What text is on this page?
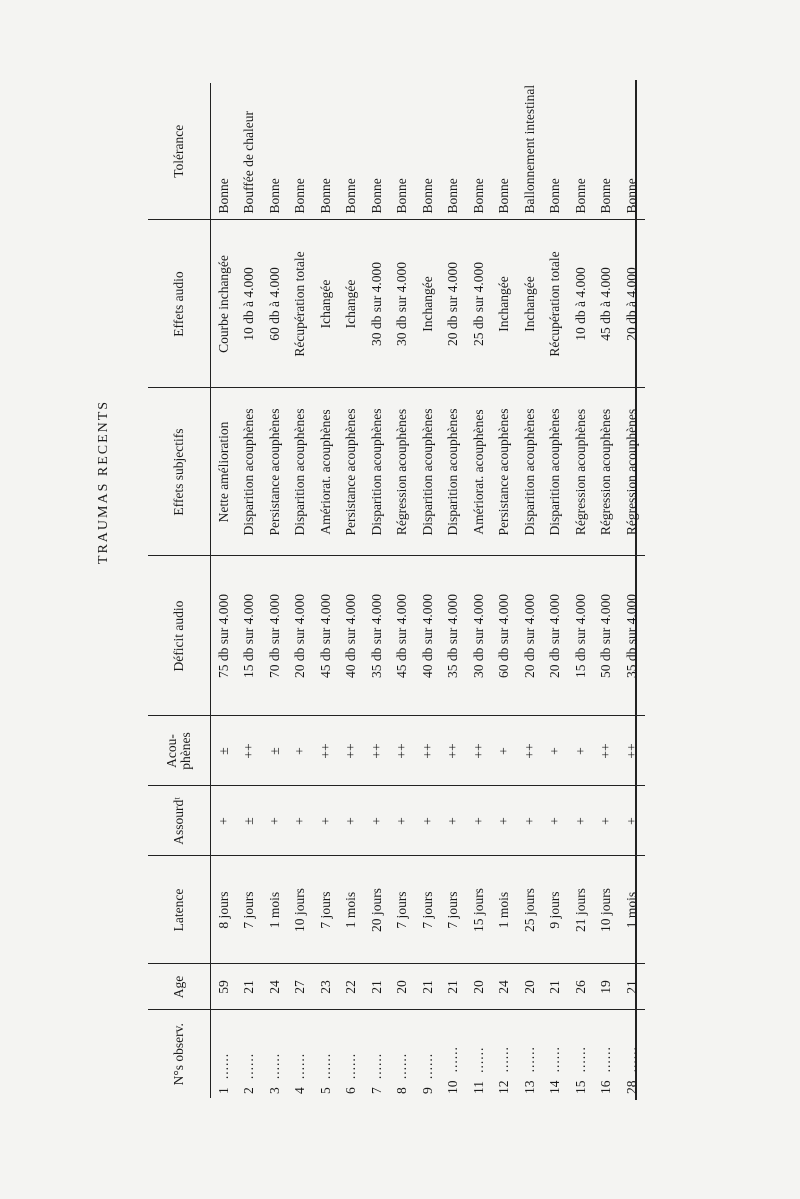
TRAUMAS RECENTS
N°s observ.	Age	Latence	Assourdᵗ	Acou-
phènes	Déficit audio	Effets subjectifs	Effets audio	Tolérance
1......	59	8 jours	+	±	75 db sur 4.000	Nette amélioration	Courbe inchangée	Bonne
2......	21	7 jours	±	++	15 db sur 4.000	Disparition acouphènes	10 db à 4.000	Bouffée de chaleur
3......	24	1 mois	+	±	70 db sur 4.000	Persistance acouphènes	60 db à 4.000	Bonne
4......	27	10 jours	+	+	20 db sur 4.000	Disparition acouphènes	Récupération totale	Bonne
5......	23	7 jours	+	++	45 db sur 4.000	Amériorat. acouphènes	Ichangée	Bonne
6......	22	1 mois	+	++	40 db sur 4.000	Persistance acouphènes	Ichangée	Bonne
7......	21	20 jours	+	++	35 db sur 4.000	Disparition acouphènes	30 db sur 4.000	Bonne
8......	20	7 jours	+	++	45 db sur 4.000	Régression acouphènes	30 db sur 4.000	Bonne
9......	21	7 jours	+	++	40 db sur 4.000	Disparition acouphènes	Inchangée	Bonne
10......	21	7 jours	+	++	35 db sur 4.000	Disparition acouphènes	20 db sur 4.000	Bonne
11......	20	15 jours	+	++	30 db sur 4.000	Amériorat. acouphènes	25 db sur 4.000	Bonne
12......	24	1 mois	+	+	60 db sur 4.000	Persistance acouphènes	Inchangée	Bonne
13......	20	25 jours	+	++	20 db sur 4.000	Disparition acouphènes	Inchangée	Ballonnement intestinal
14......	21	9 jours	+	+	20 db sur 4.000	Disparition acouphènes	Récupération totale	Bonne
15......	26	21 jours	+	+	15 db sur 4.000	Régression acouphènes	10 db à 4.000	Bonne
16......	19	10 jours	+	++	50 db sur 4.000	Régression acouphènes	45 db à 4.000	Bonne
28......	21	1 mois	+	++	35 db sur 4.000	Régression acouphènes	20 db à 4.000	Bonne
